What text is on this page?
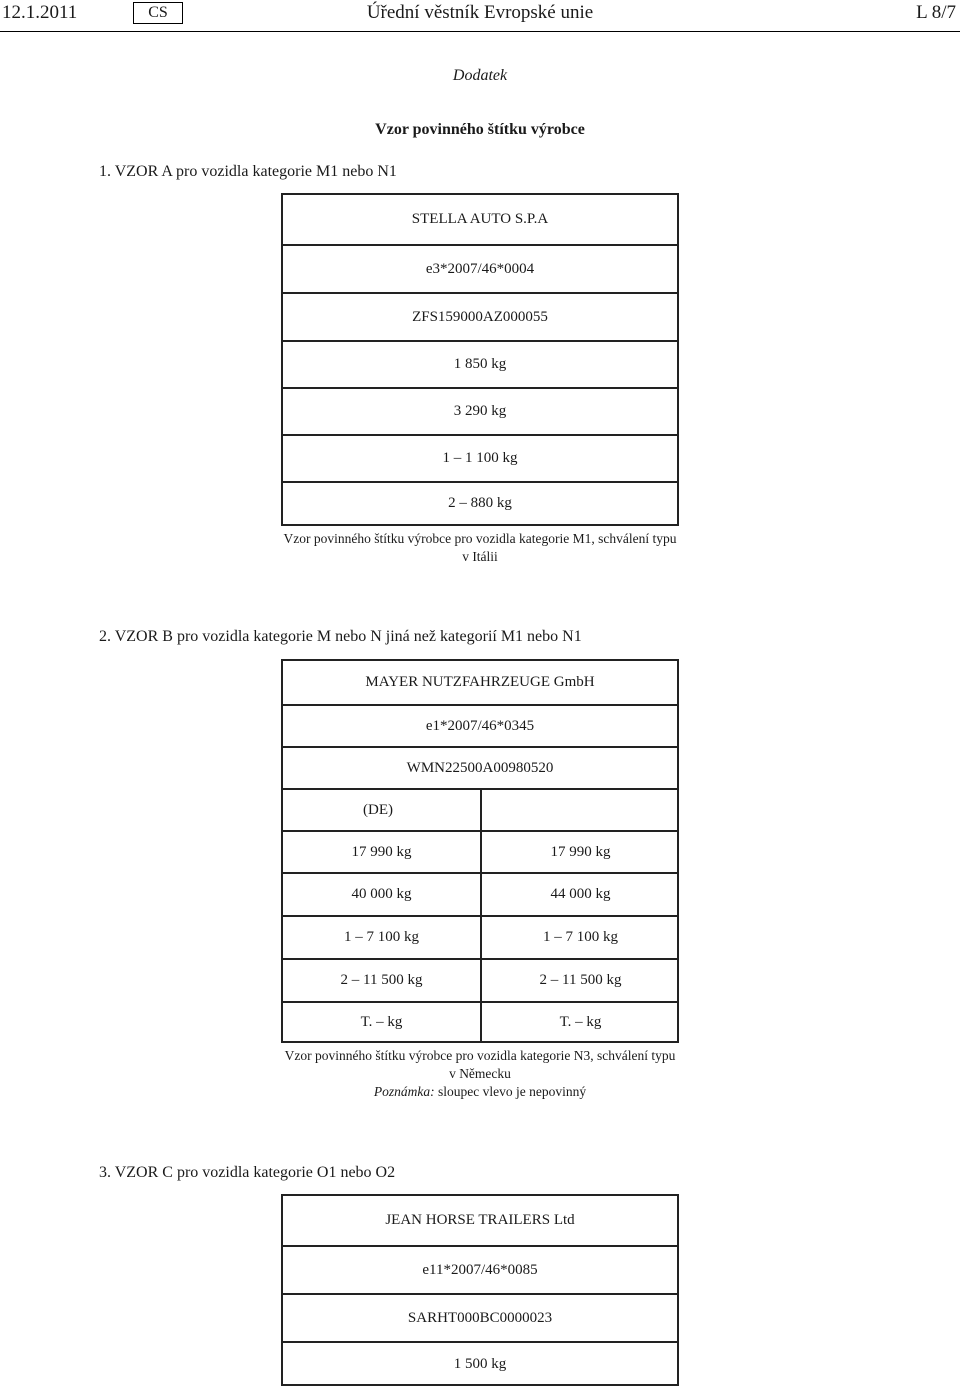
12.1.2011	CS	Úřední věstník Evropské unie	L 8/7
Dodatek
Vzor povinného štítku výrobce
1. VZOR A pro vozidla kategorie M1 nebo N1
STELLA AUTO S.P.A
e3*2007/46*0004
ZFS159000AZ000055
1 850 kg
3 290 kg
1 – 1 100 kg
2 – 880 kg
Vzor povinného štítku výrobce pro vozidla kategorie M1, schválení typu
v Itálii
2. VZOR B pro vozidla kategorie M nebo N jiná než kategorií M1 nebo N1
MAYER NUTZFAHRZEUGE GmbH
e1*2007/46*0345
WMN22500A00980520
(DE)
17 990 kg	17 990 kg
40 000 kg	44 000 kg
1 – 7 100 kg	1 – 7 100 kg
2 – 11 500 kg	2 – 11 500 kg
T. – kg	T. – kg
Vzor povinného štítku výrobce pro vozidla kategorie N3, schválení typu
v Německu
Poznámka: sloupec vlevo je nepovinný
3. VZOR C pro vozidla kategorie O1 nebo O2
JEAN HORSE TRAILERS Ltd
e11*2007/46*0085
SARHT000BC0000023
1 500 kg
